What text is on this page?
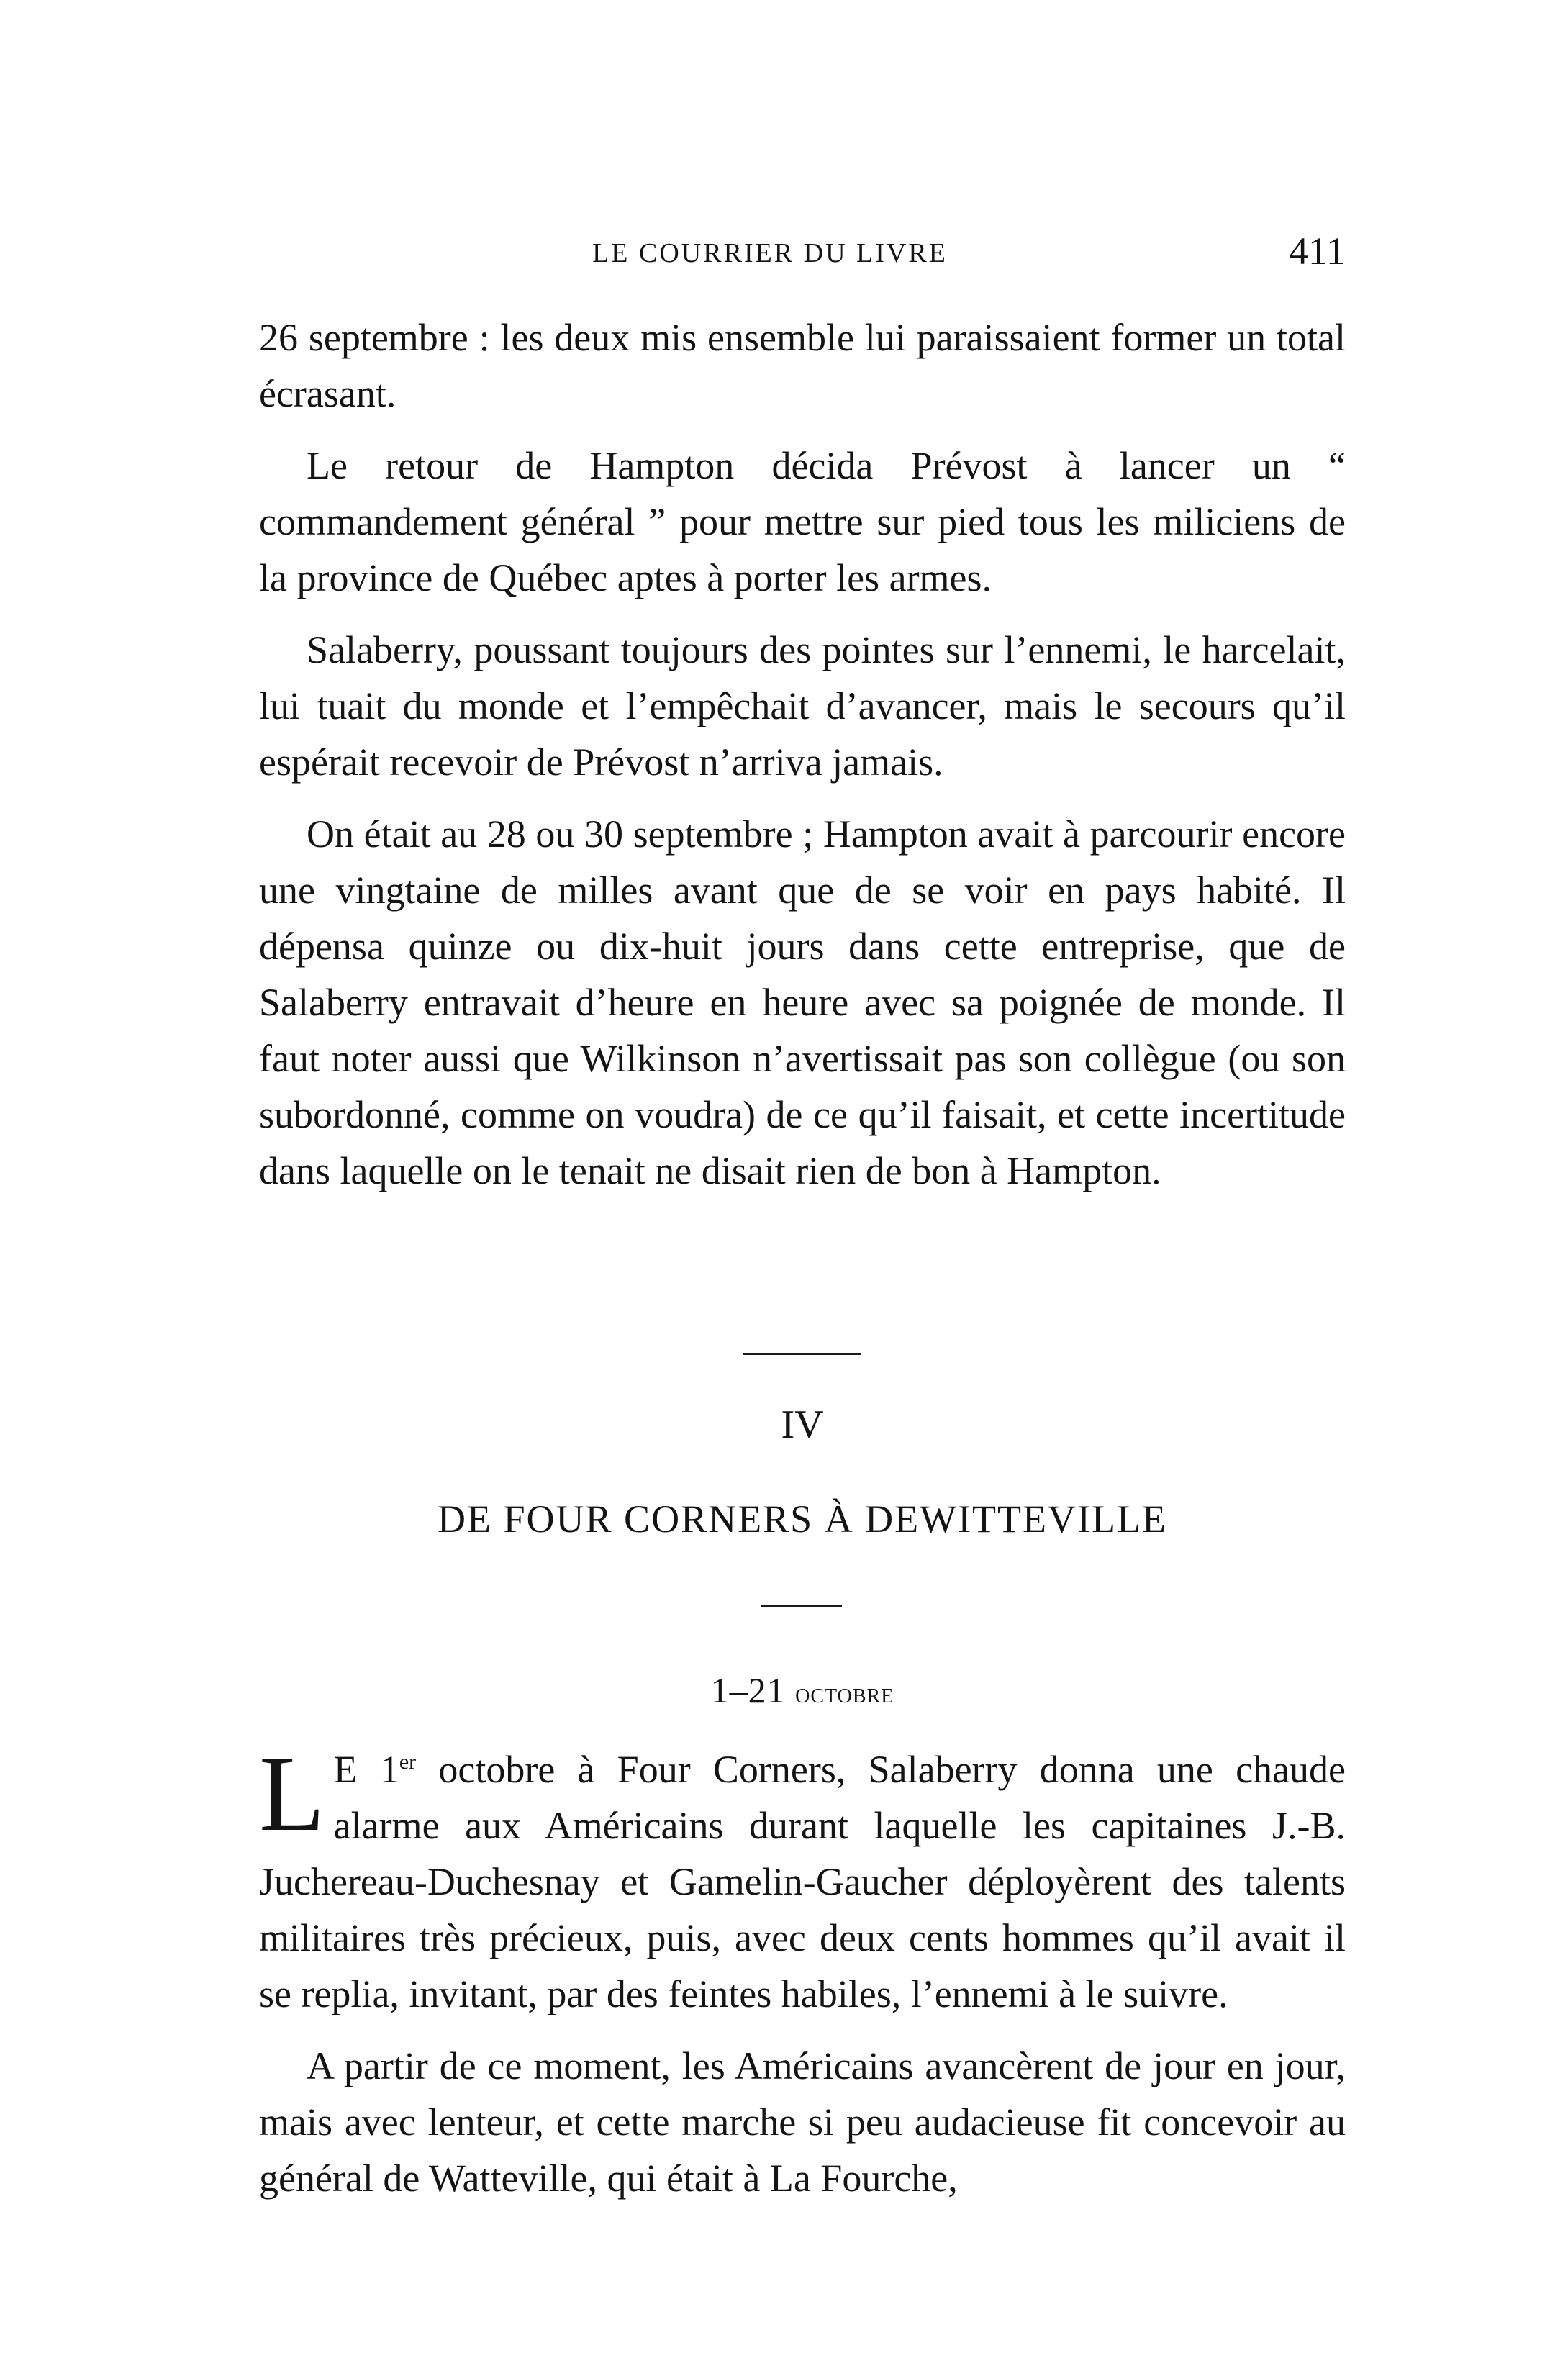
LE COURRIER DU LIVRE	411

26 septembre : les deux mis ensemble lui paraissaient former un total écrasant.

Le retour de Hampton décida Prévost à lancer un “ commandement général ” pour mettre sur pied tous les miliciens de la province de Québec aptes à porter les armes.

Salaberry, poussant toujours des pointes sur l’ennemi, le harcelait, lui tuait du monde et l’empêchait d’avancer, mais le secours qu’il espérait recevoir de Prévost n’arriva jamais.

On était au 28 ou 30 septembre ; Hampton avait à parcourir encore une vingtaine de milles avant que de se voir en pays habité. Il dépensa quinze ou dix-huit jours dans cette entreprise, que de Salaberry entravait d’heure en heure avec sa poignée de monde. Il faut noter aussi que Wilkinson n’avertissait pas son collègue (ou son subordonné, comme on voudra) de ce qu’il faisait, et cette incertitude dans laquelle on le tenait ne disait rien de bon à Hampton.

IV
DE FOUR CORNERS À DEWITTEVILLE
1–21 octobre

L E 1er octobre à Four Corners, Salaberry donna une chaude alarme aux Américains durant laquelle les capitaines J.-B. Juchereau-Duchesnay et Gamelin-Gaucher déployèrent des talents militaires très précieux, puis, avec deux cents hommes qu’il avait il se replia, invitant, par des feintes habiles, l’ennemi à le suivre.

A partir de ce moment, les Américains avancèrent de jour en jour, mais avec lenteur, et cette marche si peu audacieuse fit concevoir au général de Watteville, qui était à La Fourche,
